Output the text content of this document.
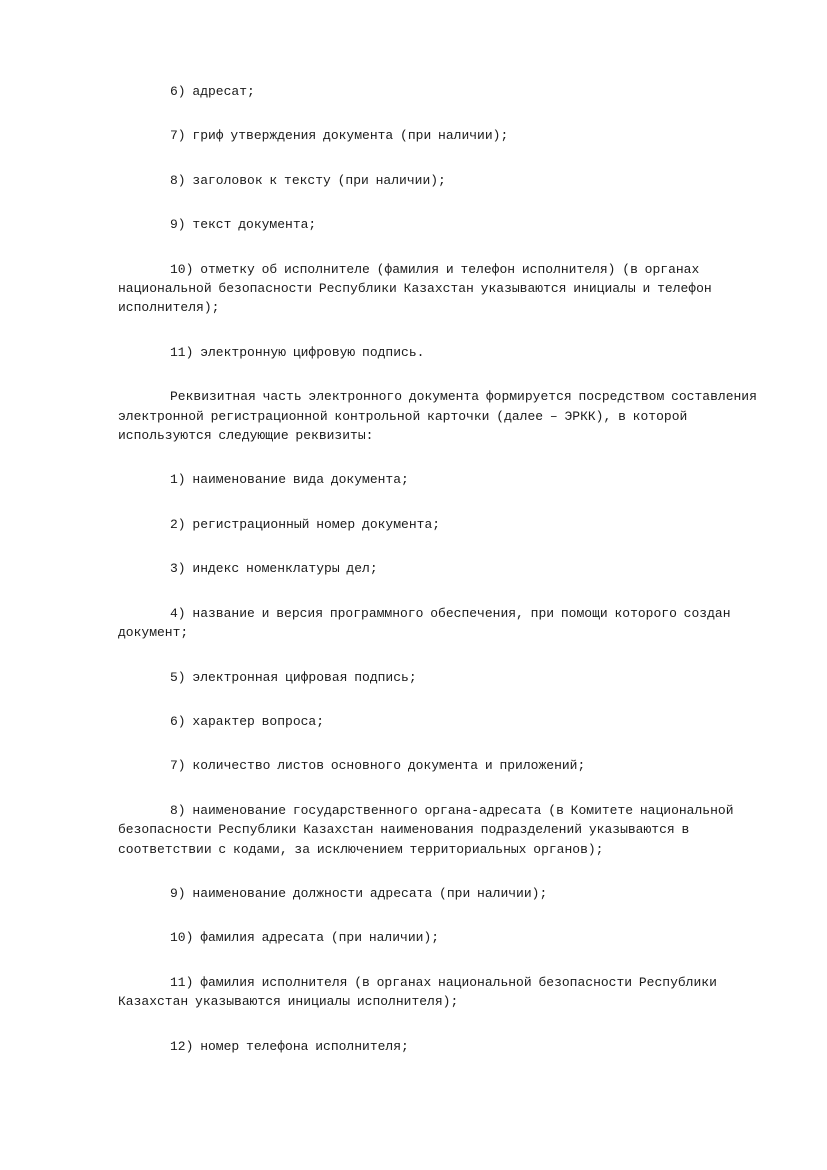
6) адресат;

7) гриф утверждения документа (при наличии);

8) заголовок к тексту (при наличии);

9) текст документа;

10) отметку об исполнителе (фамилия и телефон исполнителя) (в органах национальной безопасности Республики Казахстан указываются инициалы и телефон исполнителя);

11) электронную цифровую подпись.

Реквизитная часть электронного документа формируется посредством составления электронной регистрационной контрольной карточки (далее – ЭРКК), в которой используются следующие реквизиты:

1) наименование вида документа;

2) регистрационный номер документа;

3) индекс номенклатуры дел;

4) название и версия программного обеспечения, при помощи которого создан документ;

5) электронная цифровая подпись;

6) характер вопроса;

7) количество листов основного документа и приложений;

8) наименование государственного органа-адресата (в Комитете национальной безопасности Республики Казахстан наименования подразделений указываются в соответствии с кодами, за исключением территориальных органов);

9) наименование должности адресата (при наличии);

10) фамилия адресата (при наличии);

11) фамилия исполнителя (в органах национальной безопасности Республики Казахстан указываются инициалы исполнителя);

12) номер телефона исполнителя;
